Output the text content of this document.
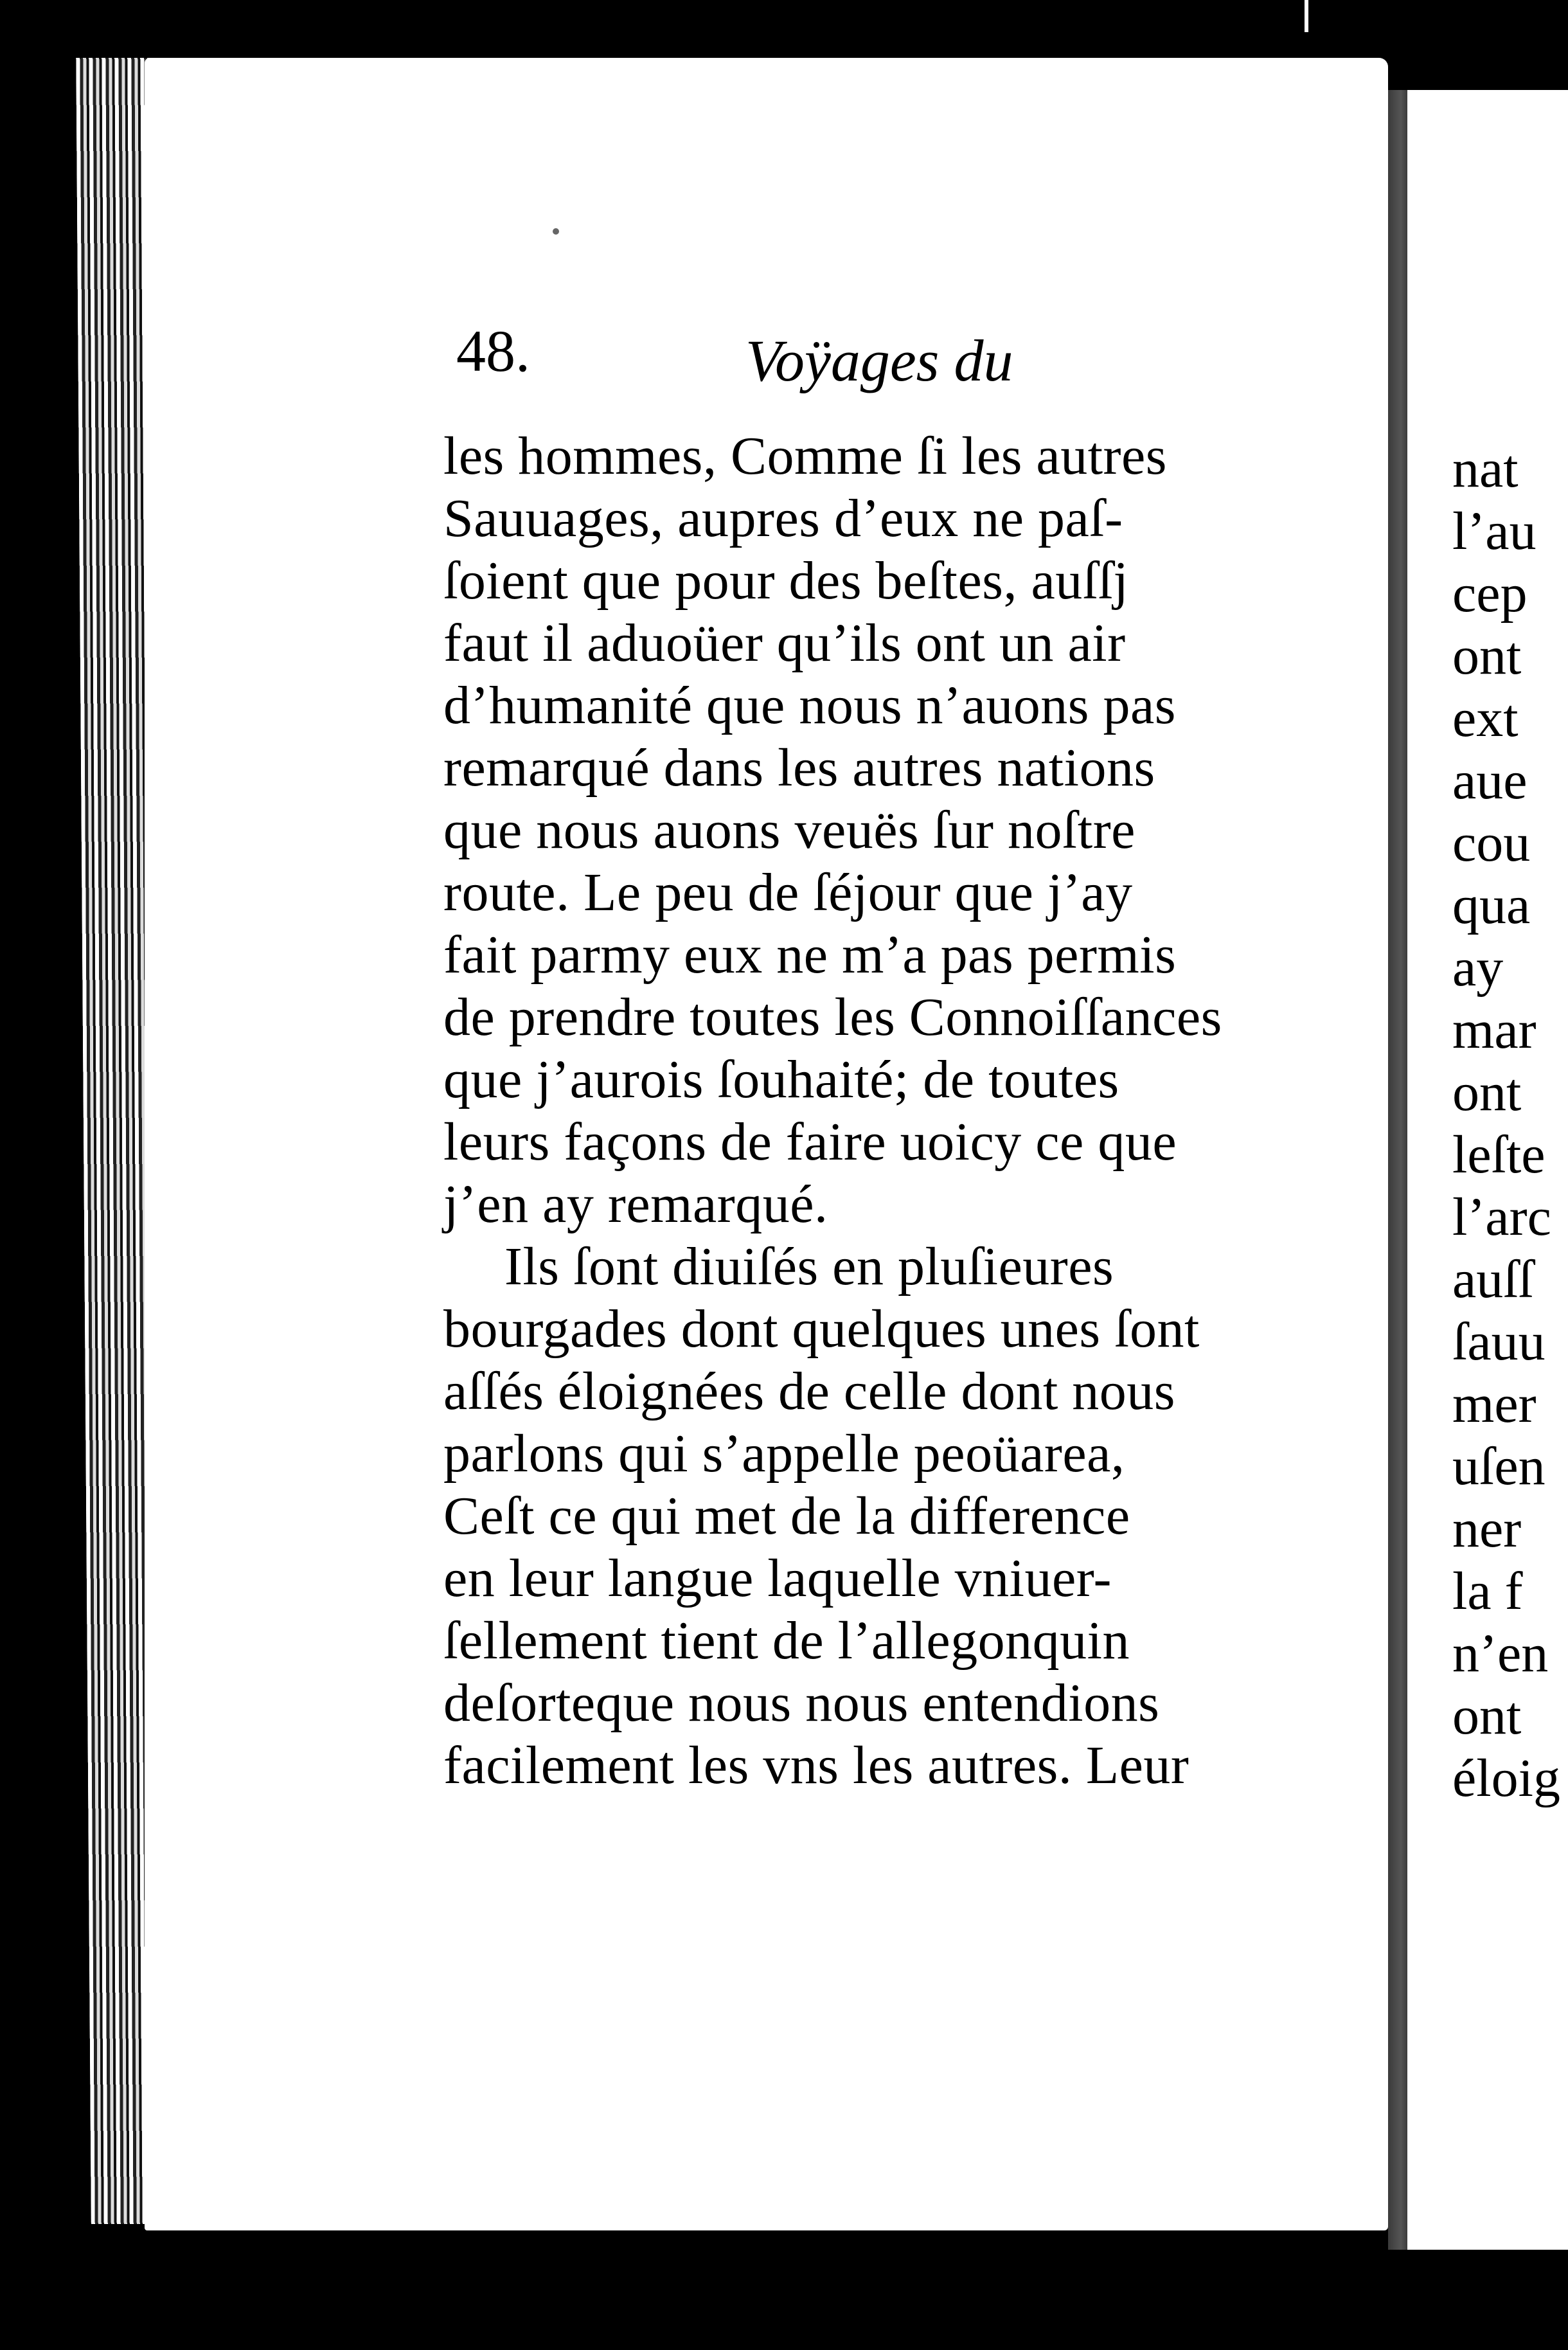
48.	Voÿages du
les hommes, Comme ſi les autres
Sauuages, aupres d’eux ne paſ-
ſoient que pour des beſtes, auſſj
faut il aduoüer qu’ils ont un air
d’humanité que nous n’auons pas
remarqué dans les autres nations
que nous auons veuës ſur noſtre
route. Le peu de ſéjour que j’ay
fait parmy eux ne m’a pas permis
de prendre toutes les Connoiſſances
que j’aurois ſouhaité; de toutes
leurs façons de faire uoicy ce que
j’en ay remarqué.
Ils ſont diuiſés en pluſieures
bourgades dont quelques unes ſont
aſſés éloignées de celle dont nous
parlons qui s’appelle peoüarea,
Ceſt ce qui met de la difference
en leur langue laquelle vniuer-
ſellement tient de l’allegonquin
deſorteque nous nous entendions
facilement les vns les autres. Leur
nat
l’au
cep
ont
ext
aue
cou
qua
ay
mar
ont
leſte
l’arc
auſſ
ſauu
mer
uſen
ner
la f
n’en
ont
éloig
